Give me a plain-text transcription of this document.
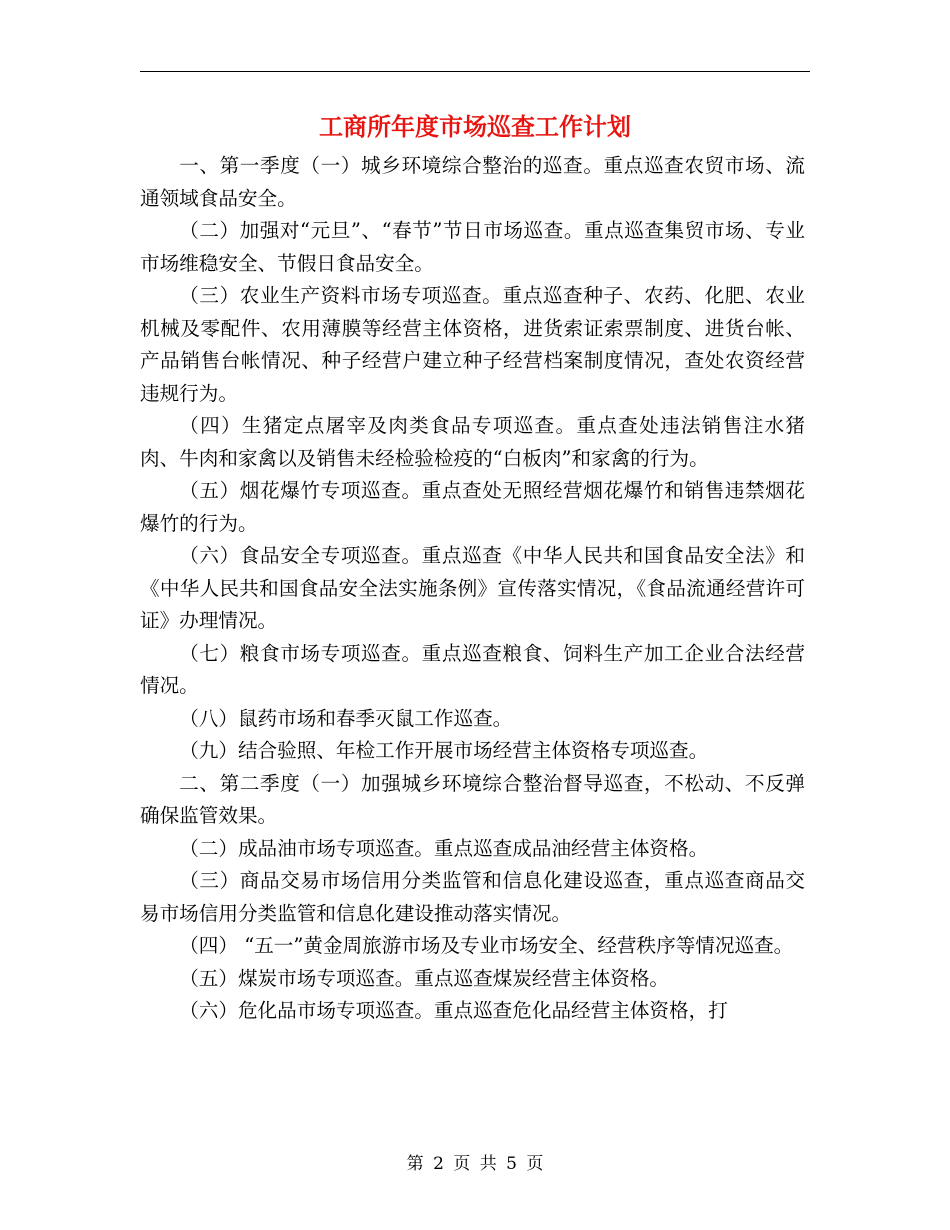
工商所年度市场巡查工作计划

一、第一季度（一）城乡环境综合整治的巡查。重点巡查农贸市场、流通领域食品安全。

（二）加强对“元旦”、“春节”节日市场巡查。重点巡查集贸市场、专业市场维稳安全、节假日食品安全。

（三）农业生产资料市场专项巡查。重点巡查种子、农药、化肥、农业机械及零配件、农用薄膜等经营主体资格，进货索证索票制度、进货台帐、产品销售台帐情况、种子经营户建立种子经营档案制度情况，查处农资经营违规行为。

（四）生猪定点屠宰及肉类食品专项巡查。重点查处违法销售注水猪肉、牛肉和家禽以及销售未经检验检疫的“白板肉”和家禽的行为。

（五）烟花爆竹专项巡查。重点查处无照经营烟花爆竹和销售违禁烟花爆竹的行为。

（六）食品安全专项巡查。重点巡查《中华人民共和国食品安全法》和《中华人民共和国食品安全法实施条例》宣传落实情况，《食品流通经营许可证》办理情况。

（七）粮食市场专项巡查。重点巡查粮食、饲料生产加工企业合法经营情况。

（八）鼠药市场和春季灭鼠工作巡查。

（九）结合验照、年检工作开展市场经营主体资格专项巡查。

二、第二季度（一）加强城乡环境综合整治督导巡查，不松动、不反弹确保监管效果。

（二）成品油市场专项巡查。重点巡查成品油经营主体资格。

（三）商品交易市场信用分类监管和信息化建设巡查，重点巡查商品交易市场信用分类监管和信息化建设推动落实情况。

（四） “五一”黄金周旅游市场及专业市场安全、经营秩序等情况巡查。

（五）煤炭市场专项巡查。重点巡查煤炭经营主体资格。

（六）危化品市场专项巡查。重点巡查危化品经营主体资格，打

第 2 页 共 5 页
